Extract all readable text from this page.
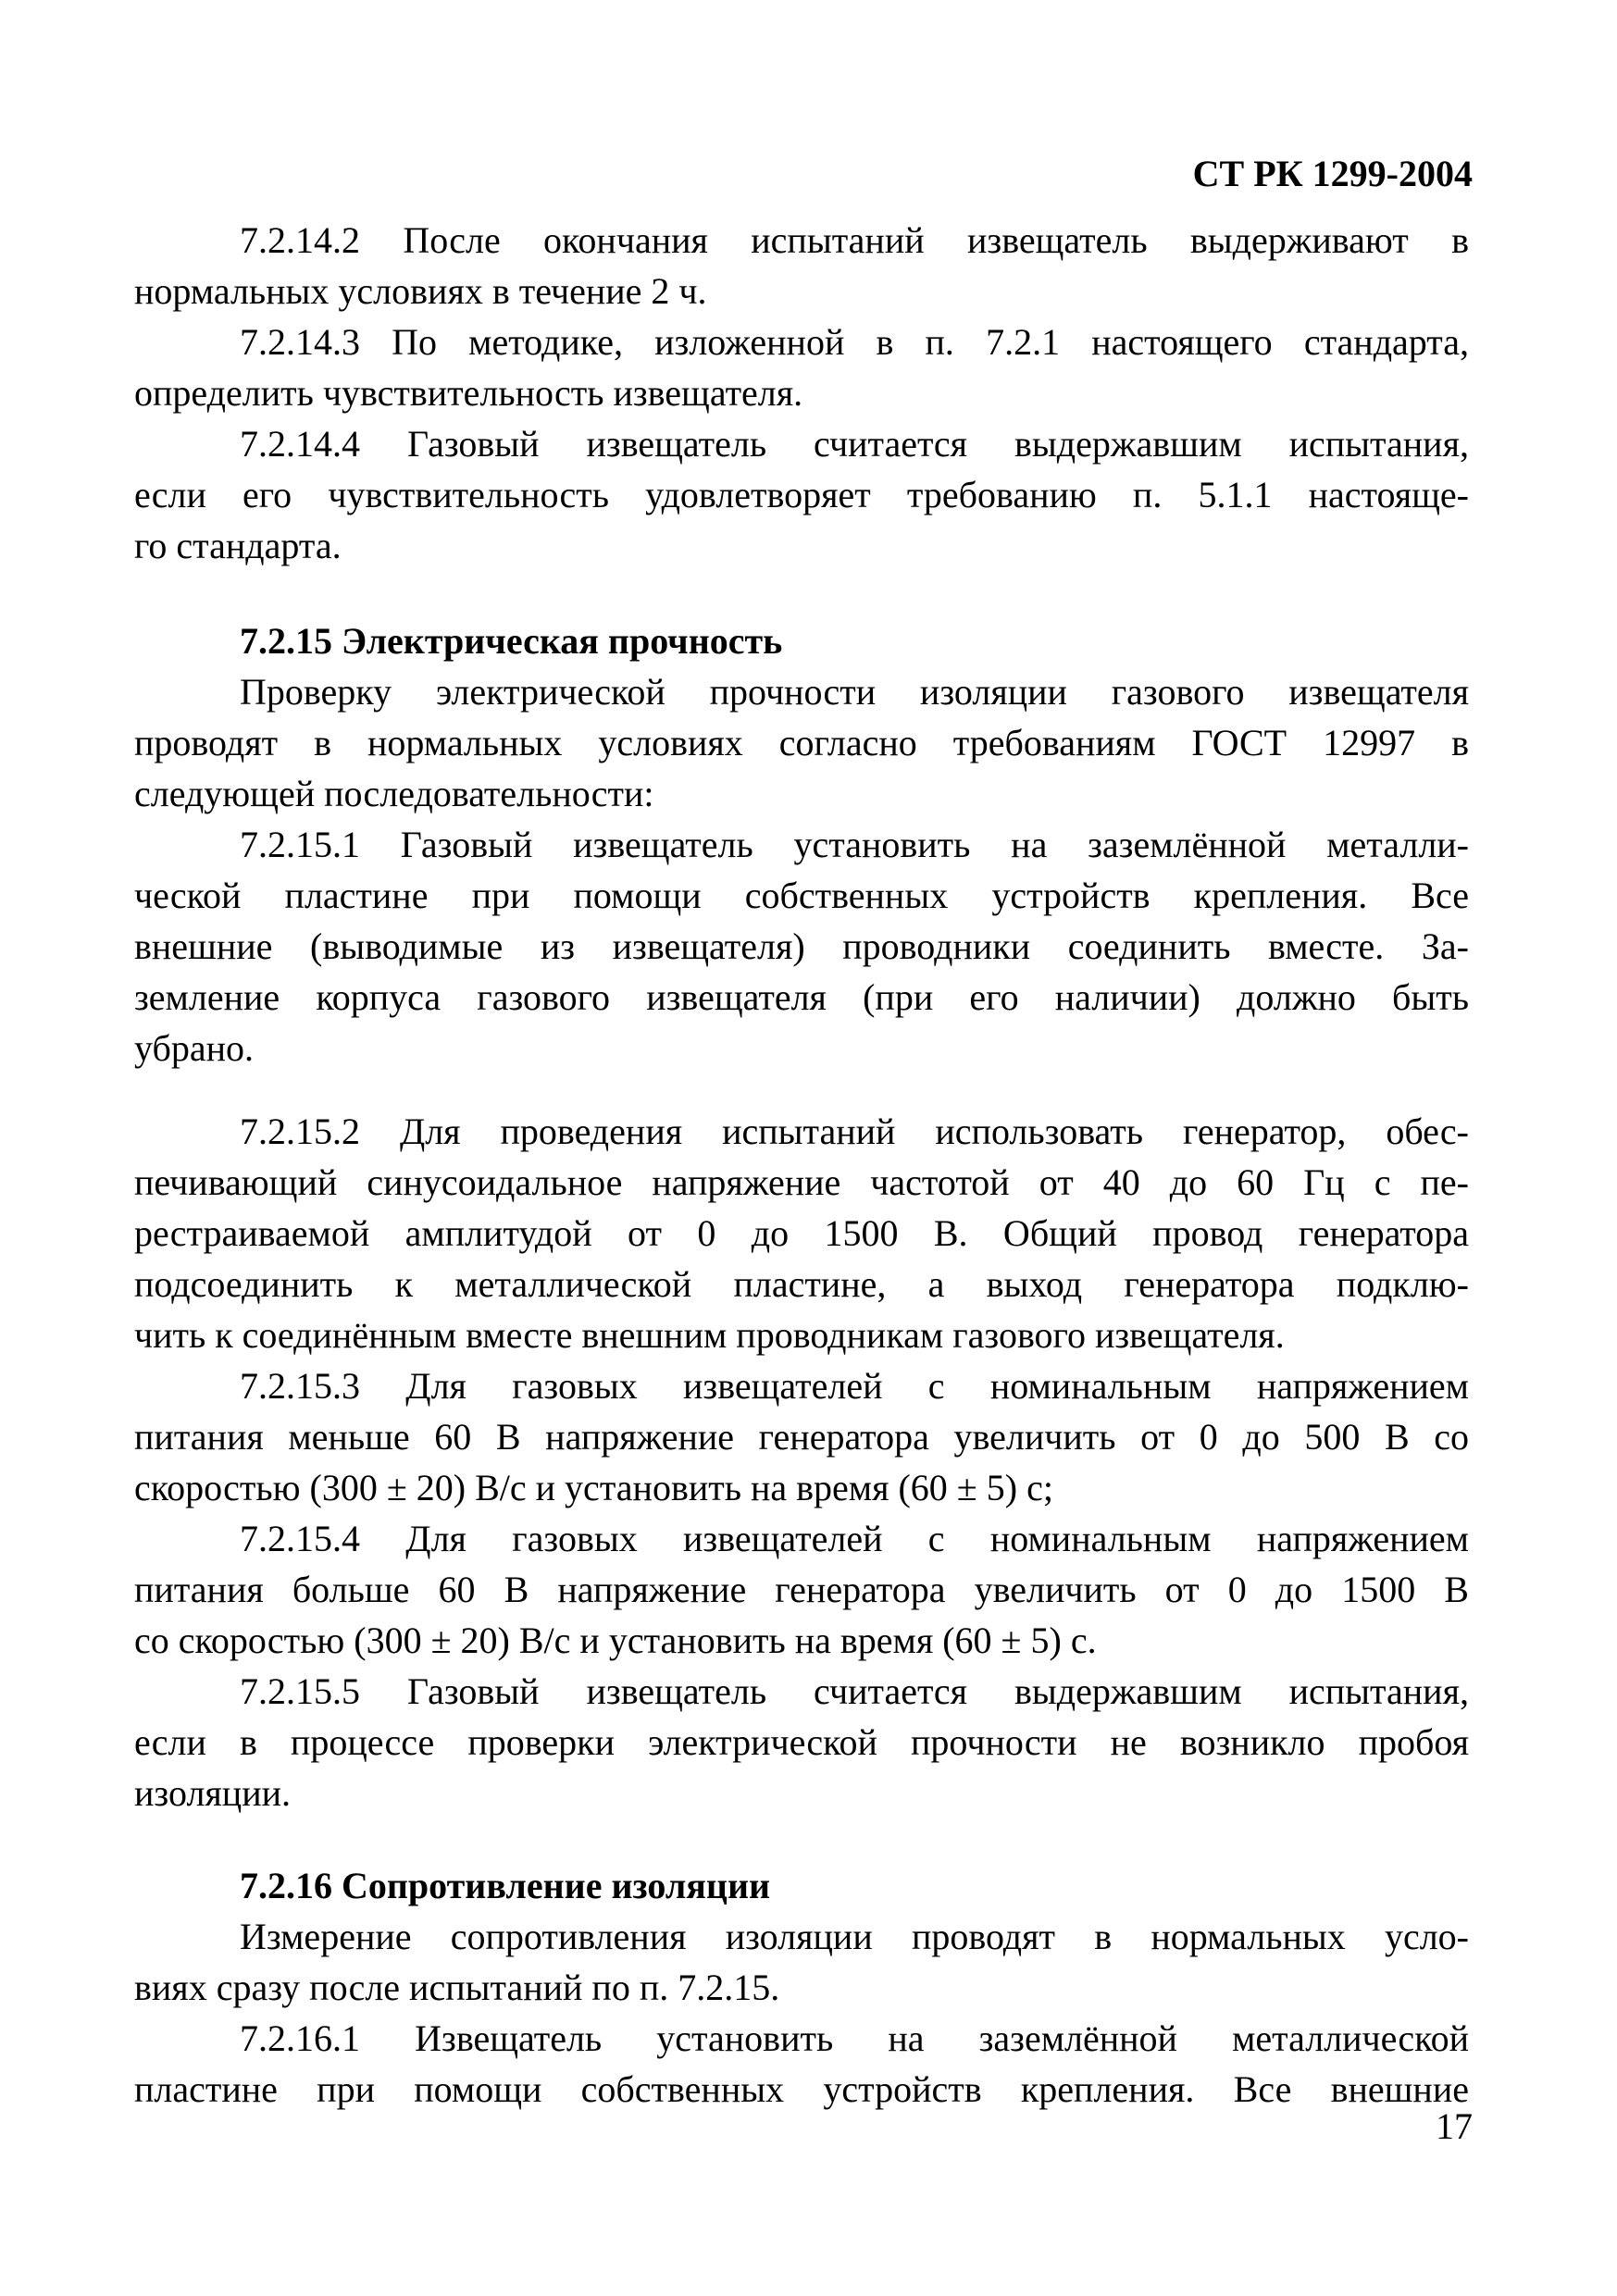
СТ РК 1299-2004
7.2.14.2 После окончания испытаний извещатель выдерживают в
нормальных условиях в течение 2 ч.
7.2.14.3 По методике, изложенной в п. 7.2.1 настоящего стандарта,
определить чувствительность извещателя.
7.2.14.4 Газовый извещатель считается выдержавшим испытания,
если его чувствительность удовлетворяет требованию п. 5.1.1 настояще-
го стандарта.
7.2.15 Электрическая прочность
Проверку электрической прочности изоляции газового извещателя
проводят в нормальных условиях согласно требованиям ГОСТ 12997 в
следующей последовательности:
7.2.15.1 Газовый извещатель установить на заземлённой металли-
ческой пластине при помощи собственных устройств крепления. Все
внешние (выводимые из извещателя) проводники соединить вместе. За-
земление корпуса газового извещателя (при его наличии) должно быть
убрано.
7.2.15.2 Для проведения испытаний использовать генератор, обес-
печивающий синусоидальное напряжение частотой от 40 до 60 Гц с пе-
рестраиваемой амплитудой от 0 до 1500 В. Общий провод генератора
подсоединить к металлической пластине, а выход генератора подклю-
чить к соединённым вместе внешним проводникам газового извещателя.
7.2.15.3 Для газовых извещателей с номинальным напряжением
питания меньше 60 В напряжение генератора увеличить от 0 до 500 В со
скоростью (300 ± 20) В/с и установить на время (60 ± 5) с;
7.2.15.4 Для газовых извещателей с номинальным напряжением
питания больше 60 В напряжение генератора увеличить от 0 до 1500 В
со скоростью (300 ± 20) В/с и установить на время (60 ± 5) с.
7.2.15.5 Газовый извещатель считается выдержавшим испытания,
если в процессе проверки электрической прочности не возникло пробоя
изоляции.
7.2.16 Сопротивление изоляции
Измерение сопротивления изоляции проводят в нормальных усло-
виях сразу после испытаний по п. 7.2.15.
7.2.16.1 Извещатель установить на заземлённой металлической
пластине при помощи собственных устройств крепления. Все внешние
17
